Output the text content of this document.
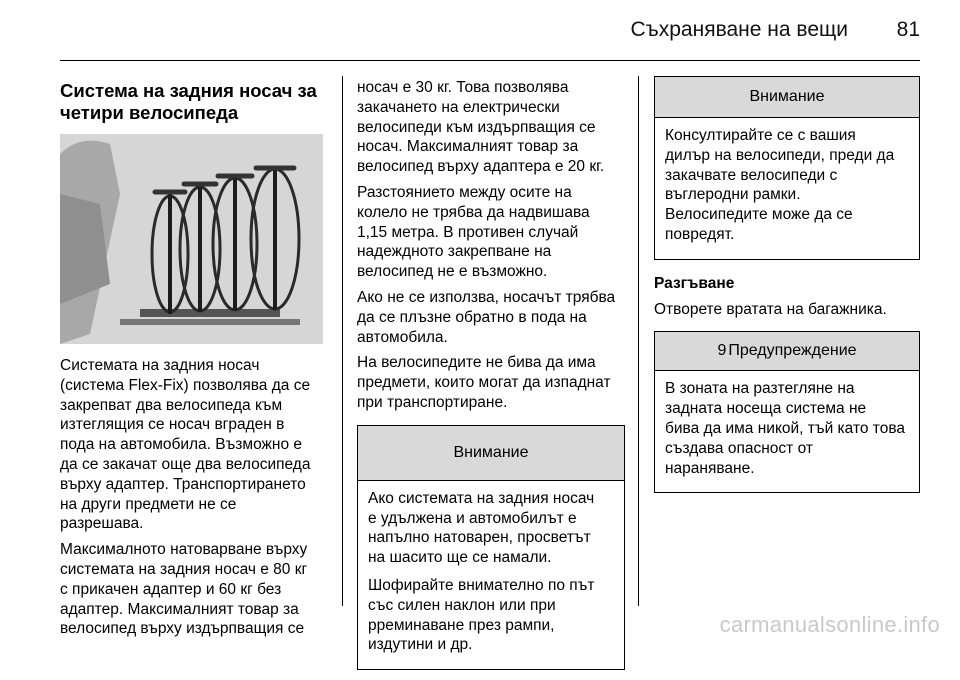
Съхраняване на вещи 81
Система на задния носач за
четири велосипеда

Системата на задния носач
(система Flex-Fix) позволява да се
закрепват два велосипеда към
изтеглящия се носач вграден в
пода на автомобила. Възможно е
да се закачат още два велосипеда
върху адаптер. Транспортирането
на други предмети не се
разрешава.

Максималното натоварване върху
системата на задния носач е 80 кг
с прикачен адаптер и 60 кг без
адаптер. Максималният товар за
велосипед върху издърпващия се

носач е 30 кг. Това позволява
закачането на електрически
велосипеди към издърпващия се
носач. Максималният товар за
велосипед върху адаптера е 20 кг.

Разстоянието между осите на
колело не трябва да надвишава
1,15 метра. В противен случай
надеждното закрепване на
велосипед не е възможно.

Ако не се използва, носачът трябва
да се плъзне обратно в пода на
автомобила.

На велосипедите не бива да има
предмети, които могат да изпаднат
при транспортиране.

Внимание

Ако системата на задния носач
е удължена и автомобилът е
напълно натоварен, просветът
на шасито ще се намали.

Шофирайте внимателно по път
със силен наклон или при
pреминаване през рампи,
издутини и др.

Внимание

Консултирайте се с вашия
дилър на велосипеди, преди да
закачвате велосипеди с
въглеродни рамки.
Велосипедите може да се
повредят.

Разгъване

Отворете вратата на багажника.

9 Предупреждение

В зоната на разтегляне на
задната носеща система не
бива да има никой, тъй като това
създава опасност от
нараняване.

carmanualsonline.info
